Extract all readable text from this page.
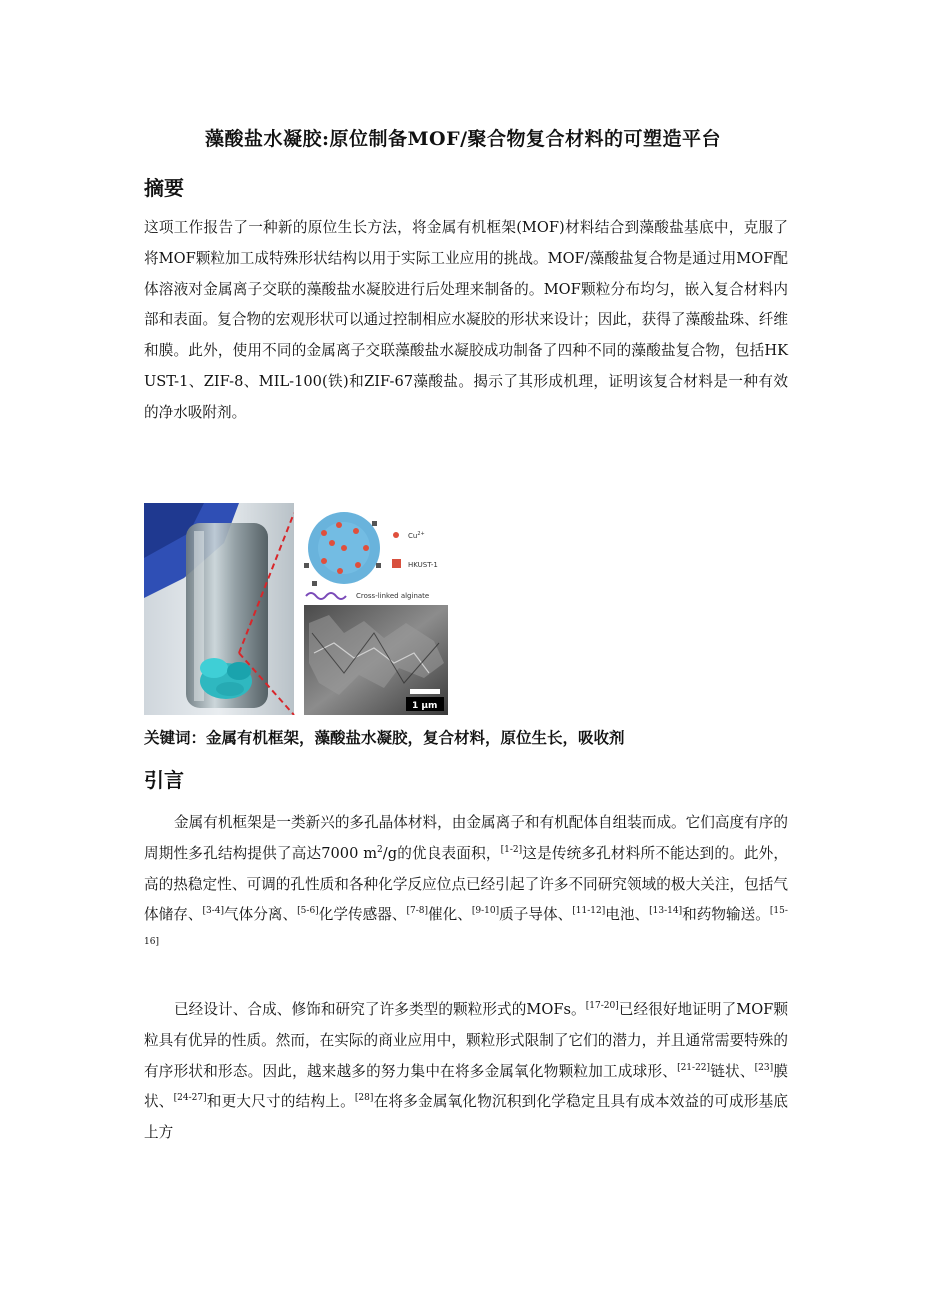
藻酸盐水凝胶:原位制备MOF/聚合物复合材料的可塑造平台
摘要

这项工作报告了一种新的原位生长方法，将金属有机框架(MOF)材料结合到藻酸盐基底中，克服了将MOF颗粒加工成特殊形状结构以用于实际工业应用的挑战。MOF/藻酸盐复合物是通过用MOF配体溶液对金属离子交联的藻酸盐水凝胶进行后处理来制备的。MOF颗粒分布均匀，嵌入复合材料内部和表面。复合物的宏观形状可以通过控制相应水凝胶的形状来设计；因此，获得了藻酸盐珠、纤维和膜。此外，使用不同的金属离子交联藻酸盐水凝胶成功制备了四种不同的藻酸盐复合物，包括HKUST-1、ZIF-8、MIL-100(铁)和ZIF-67藻酸盐。揭示了其形成机理，证明该复合材料是一种有效的净水吸附剂。

$Cu^{2+}$
HKUST-1
Cross-linked alginate
1 μm

关键词：金属有机框架，藻酸盐水凝胶，复合材料，原位生长，吸收剂

引言

金属有机框架是一类新兴的多孔晶体材料，由金属离子和有机配体自组装而成。它们高度有序的周期性多孔结构提供了高达7000 $m^2/g$的优良表面积，[1-2]这是传统多孔材料所不能达到的。此外，高的热稳定性、可调的孔性质和各种化学反应位点已经引起了许多不同研究领域的极大关注，包括气体储存、[3-4]气体分离、[5-6]化学传感器、[7-8]催化、[9-10]质子导体、[11-12]电池、[13-14]和药物输送。[15-16]

已经设计、合成、修饰和研究了许多类型的颗粒形式的MOFs。[17-20]已经很好地证明了MOF颗粒具有优异的性质。然而，在实际的商业应用中，颗粒形式限制了它们的潜力，并且通常需要特殊的有序形状和形态。因此，越来越多的努力集中在将多金属氧化物颗粒加工成球形、[21-22]链状、[23]膜状、[24-27]和更大尺寸的结构上。[28]在将多金属氧化物沉积到化学稳定且具有成本效益的可成形基底上方
